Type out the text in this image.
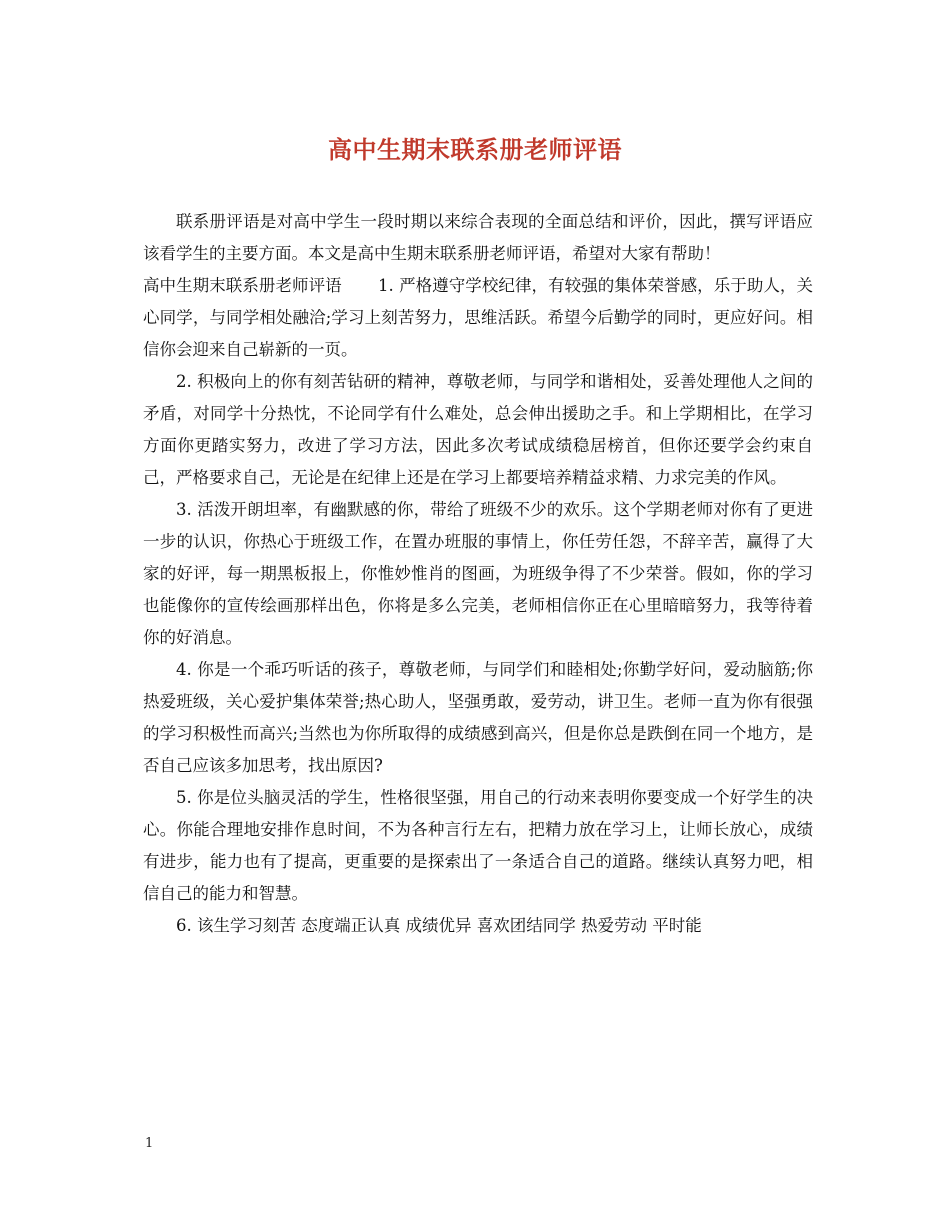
高中生期末联系册老师评语

联系册评语是对高中学生一段时期以来综合表现的全面总结和评价，因此，撰写评语应该看学生的主要方面。本文是高中生期末联系册老师评语，希望对大家有帮助！

高中生期末联系册老师评语 1. 严格遵守学校纪律，有较强的集体荣誉感，乐于助人，关心同学，与同学相处融洽;学习上刻苦努力，思维活跃。希望今后勤学的同时，更应好问。相信你会迎来自己崭新的一页。

2. 积极向上的你有刻苦钻研的精神，尊敬老师，与同学和谐相处，妥善处理他人之间的矛盾，对同学十分热忱，不论同学有什么难处，总会伸出援助之手。和上学期相比，在学习方面你更踏实努力，改进了学习方法，因此多次考试成绩稳居榜首，但你还要学会约束自己，严格要求自己，无论是在纪律上还是在学习上都要培养精益求精、力求完美的作风。

3. 活泼开朗坦率，有幽默感的你，带给了班级不少的欢乐。这个学期老师对你有了更进一步的认识，你热心于班级工作，在置办班服的事情上，你任劳任怨，不辞辛苦，赢得了大家的好评，每一期黑板报上，你惟妙惟肖的图画，为班级争得了不少荣誉。假如，你的学习也能像你的宣传绘画那样出色，你将是多么完美，老师相信你正在心里暗暗努力，我等待着你的好消息。

4. 你是一个乖巧听话的孩子，尊敬老师，与同学们和睦相处;你勤学好问，爱动脑筋;你热爱班级，关心爱护集体荣誉;热心助人，坚强勇敢，爱劳动，讲卫生。老师一直为你有很强的学习积极性而高兴;当然也为你所取得的成绩感到高兴，但是你总是跌倒在同一个地方，是否自己应该多加思考，找出原因?

5. 你是位头脑灵活的学生，性格很坚强，用自己的行动来表明你要变成一个好学生的决心。你能合理地安排作息时间，不为各种言行左右，把精力放在学习上，让师长放心，成绩有进步，能力也有了提高，更重要的是探索出了一条适合自己的道路。继续认真努力吧，相信自己的能力和智慧。

6. 该生学习刻苦 态度端正认真 成绩优异 喜欢团结同学 热爱劳动 平时能

1
